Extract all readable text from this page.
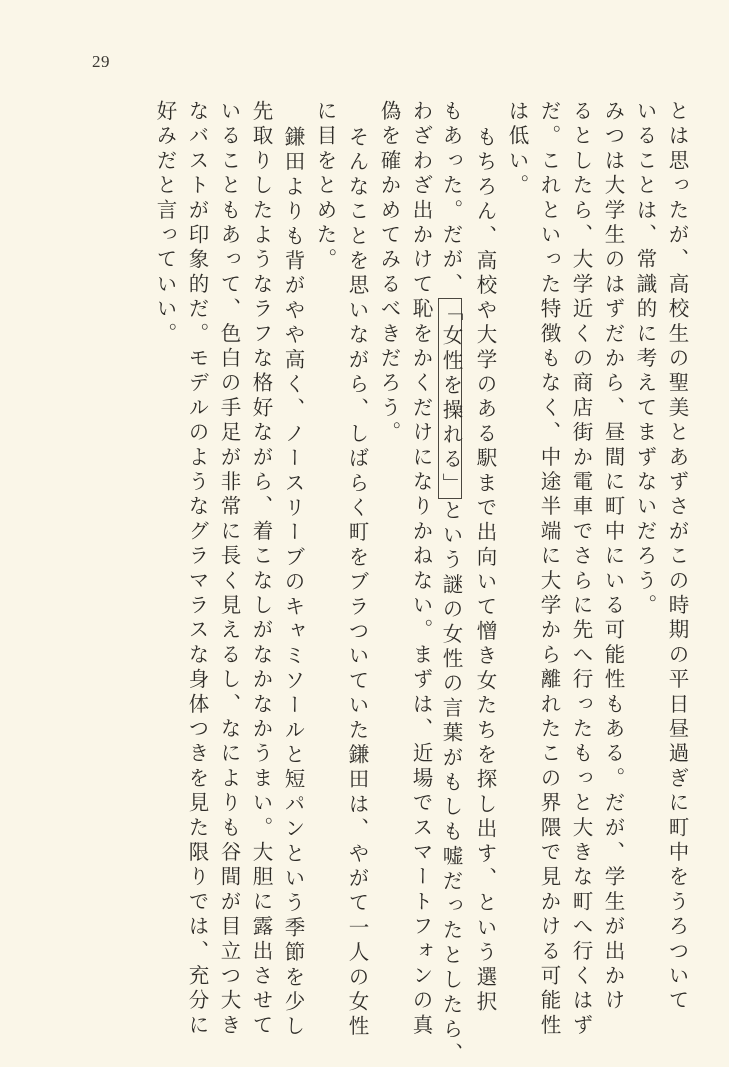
29
とは思ったが、高校生の聖美とあずさがこの時期の平日昼過ぎに町中をうろついて
いることは、常識的に考えてまずないだろう。
みつは大学生のはずだから、昼間に町中にいる可能性もある。だが、学生が出かけ
るとしたら、大学近くの商店街か電車でさらに先へ行ったもっと大きな町へ行くはず
だ。これといった特徴もなく、中途半端に大学から離れたこの界隈で見かける可能性
は低い。
もちろん、高校や大学のある駅まで出向いて憎き女たちを探し出す、という選択
もあった。だが、「女性を操れる」という謎の女性の言葉がもしも嘘だったとしたら、
わざわざ出かけて恥をかくだけになりかねない。まずは、近場でスマートフォンの真
偽を確かめてみるべきだろう。
そんなことを思いながら、しばらく町をブラついていた鎌田は、やがて一人の女性
に目をとめた。
鎌田よりも背がやや高く、ノースリーブのキャミソールと短パンという季節を少し
先取りしたようなラフな格好ながら、着こなしがなかなかうまい。大胆に露出させて
いることもあって、色白の手足が非常に長く見えるし、なによりも谷間が目立つ大き
なバストが印象的だ。モデルのようなグラマラスな身体つきを見た限りでは、充分に
好みだと言っていい。
